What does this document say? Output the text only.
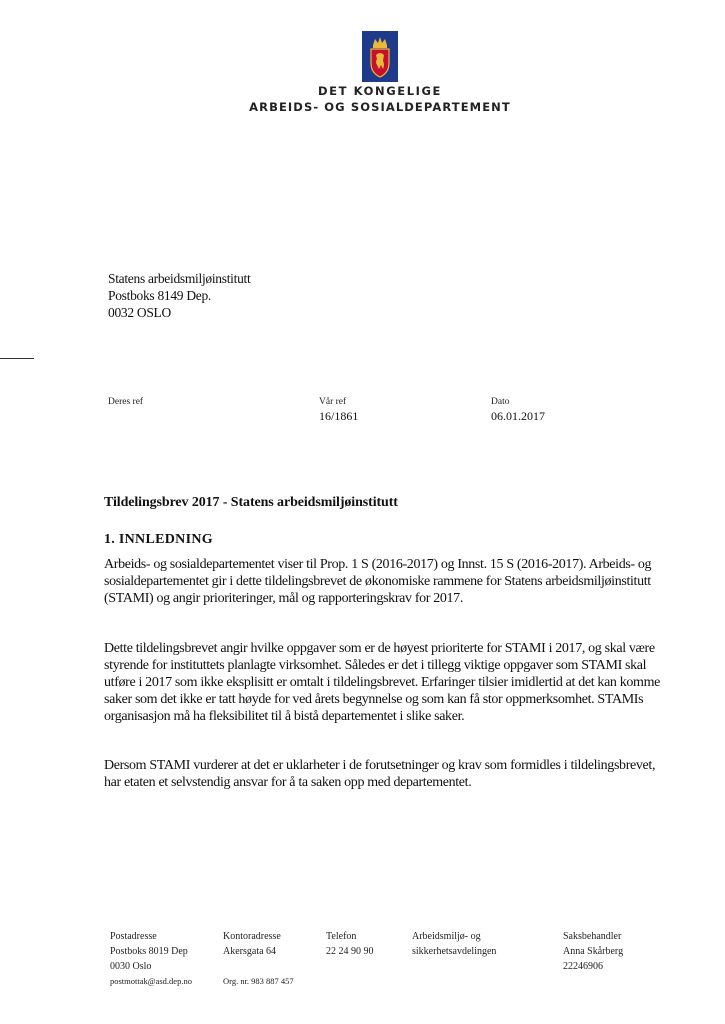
DET KONGELIGE
ARBEIDS- OG SOSIALDEPARTEMENT
Statens arbeidsmiljøinstitutt
Postboks 8149 Dep.
0032 OSLO
Deres ref	Vår ref
16/1861
Dato
06.01.2017
Tildelingsbrev 2017 - Statens arbeidsmiljøinstitutt
1. INNLEDNING
Arbeids- og sosialdepartementet viser til Prop. 1 S (2016-2017) og Innst. 15 S (2016-2017). Arbeids- og sosialdepartementet gir i dette tildelingsbrevet de økonomiske rammene for Statens arbeidsmiljøinstitutt (STAMI) og angir prioriteringer, mål og rapporteringskrav for 2017.
Dette tildelingsbrevet angir hvilke oppgaver som er de høyest prioriterte for STAMI i 2017, og skal være styrende for instituttets planlagte virksomhet. Således er det i tillegg viktige oppgaver som STAMI skal utføre i 2017 som ikke eksplisitt er omtalt i tildelingsbrevet. Erfaringer tilsier imidlertid at det kan komme saker som det ikke er tatt høyde for ved årets begynnelse og som kan få stor oppmerksomhet. STAMIs organisasjon må ha fleksibilitet til å bistå departementet i slike saker.
Dersom STAMI vurderer at det er uklarheter i de forutsetninger og krav som formidles i tildelingsbrevet, har etaten et selvstendig ansvar for å ta saken opp med departementet.
Postadresse
Postboks 8019 Dep
0030 Oslo
postmottak@asd.dep.no
Kontoradresse
Akersgata 64

Org. nr. 983 887 457
Telefon
22 24 90 90
Arbeidsmiljø- og
sikkerhetsavdelingen
Saksbehandler
Anna Skårberg
22246906
